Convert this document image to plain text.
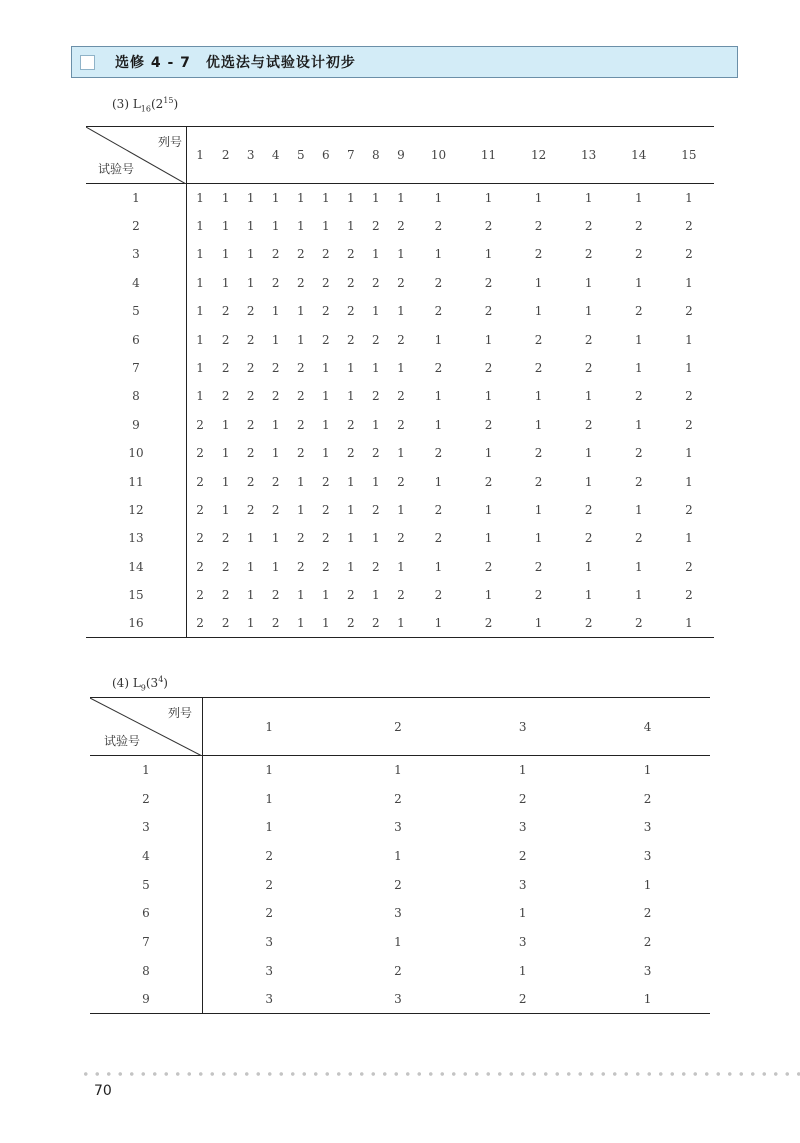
选修 4 - 7　优选法与试验设计初步
(3) $L_{16}(2^{15})$
列号
试验号	1	2	3	4	5	6	7	8	9	10	11	12	13	14	15
1	1	1	1	1	1	1	1	1	1	1	1	1	1	1	1
2	1	1	1	1	1	1	1	2	2	2	2	2	2	2	2
3	1	1	1	2	2	2	2	1	1	1	1	2	2	2	2
4	1	1	1	2	2	2	2	2	2	2	2	1	1	1	1
5	1	2	2	1	1	2	2	1	1	2	2	1	1	2	2
6	1	2	2	1	1	2	2	2	2	1	1	2	2	1	1
7	1	2	2	2	2	1	1	1	1	2	2	2	2	1	1
8	1	2	2	2	2	1	1	2	2	1	1	1	1	2	2
9	2	1	2	1	2	1	2	1	2	1	2	1	2	1	2
10	2	1	2	1	2	1	2	2	1	2	1	2	1	2	1
11	2	1	2	2	1	2	1	1	2	1	2	2	1	2	1
12	2	1	2	2	1	2	1	2	1	2	1	1	2	1	2
13	2	2	1	1	2	2	1	1	2	2	1	1	2	2	1
14	2	2	1	1	2	2	1	2	1	1	2	2	1	1	2
15	2	2	1	2	1	1	2	1	2	2	1	2	1	1	2
16	2	2	1	2	1	1	2	2	1	1	2	1	2	2	1
(4) $L_9(3^4)$
列号
试验号	1	2	3	4
1	1	1	1	1
2	1	2	2	2
3	1	3	3	3
4	2	1	2	3
5	2	2	3	1
6	2	3	1	2
7	3	1	3	2
8	3	2	1	3
9	3	3	2	1
70
